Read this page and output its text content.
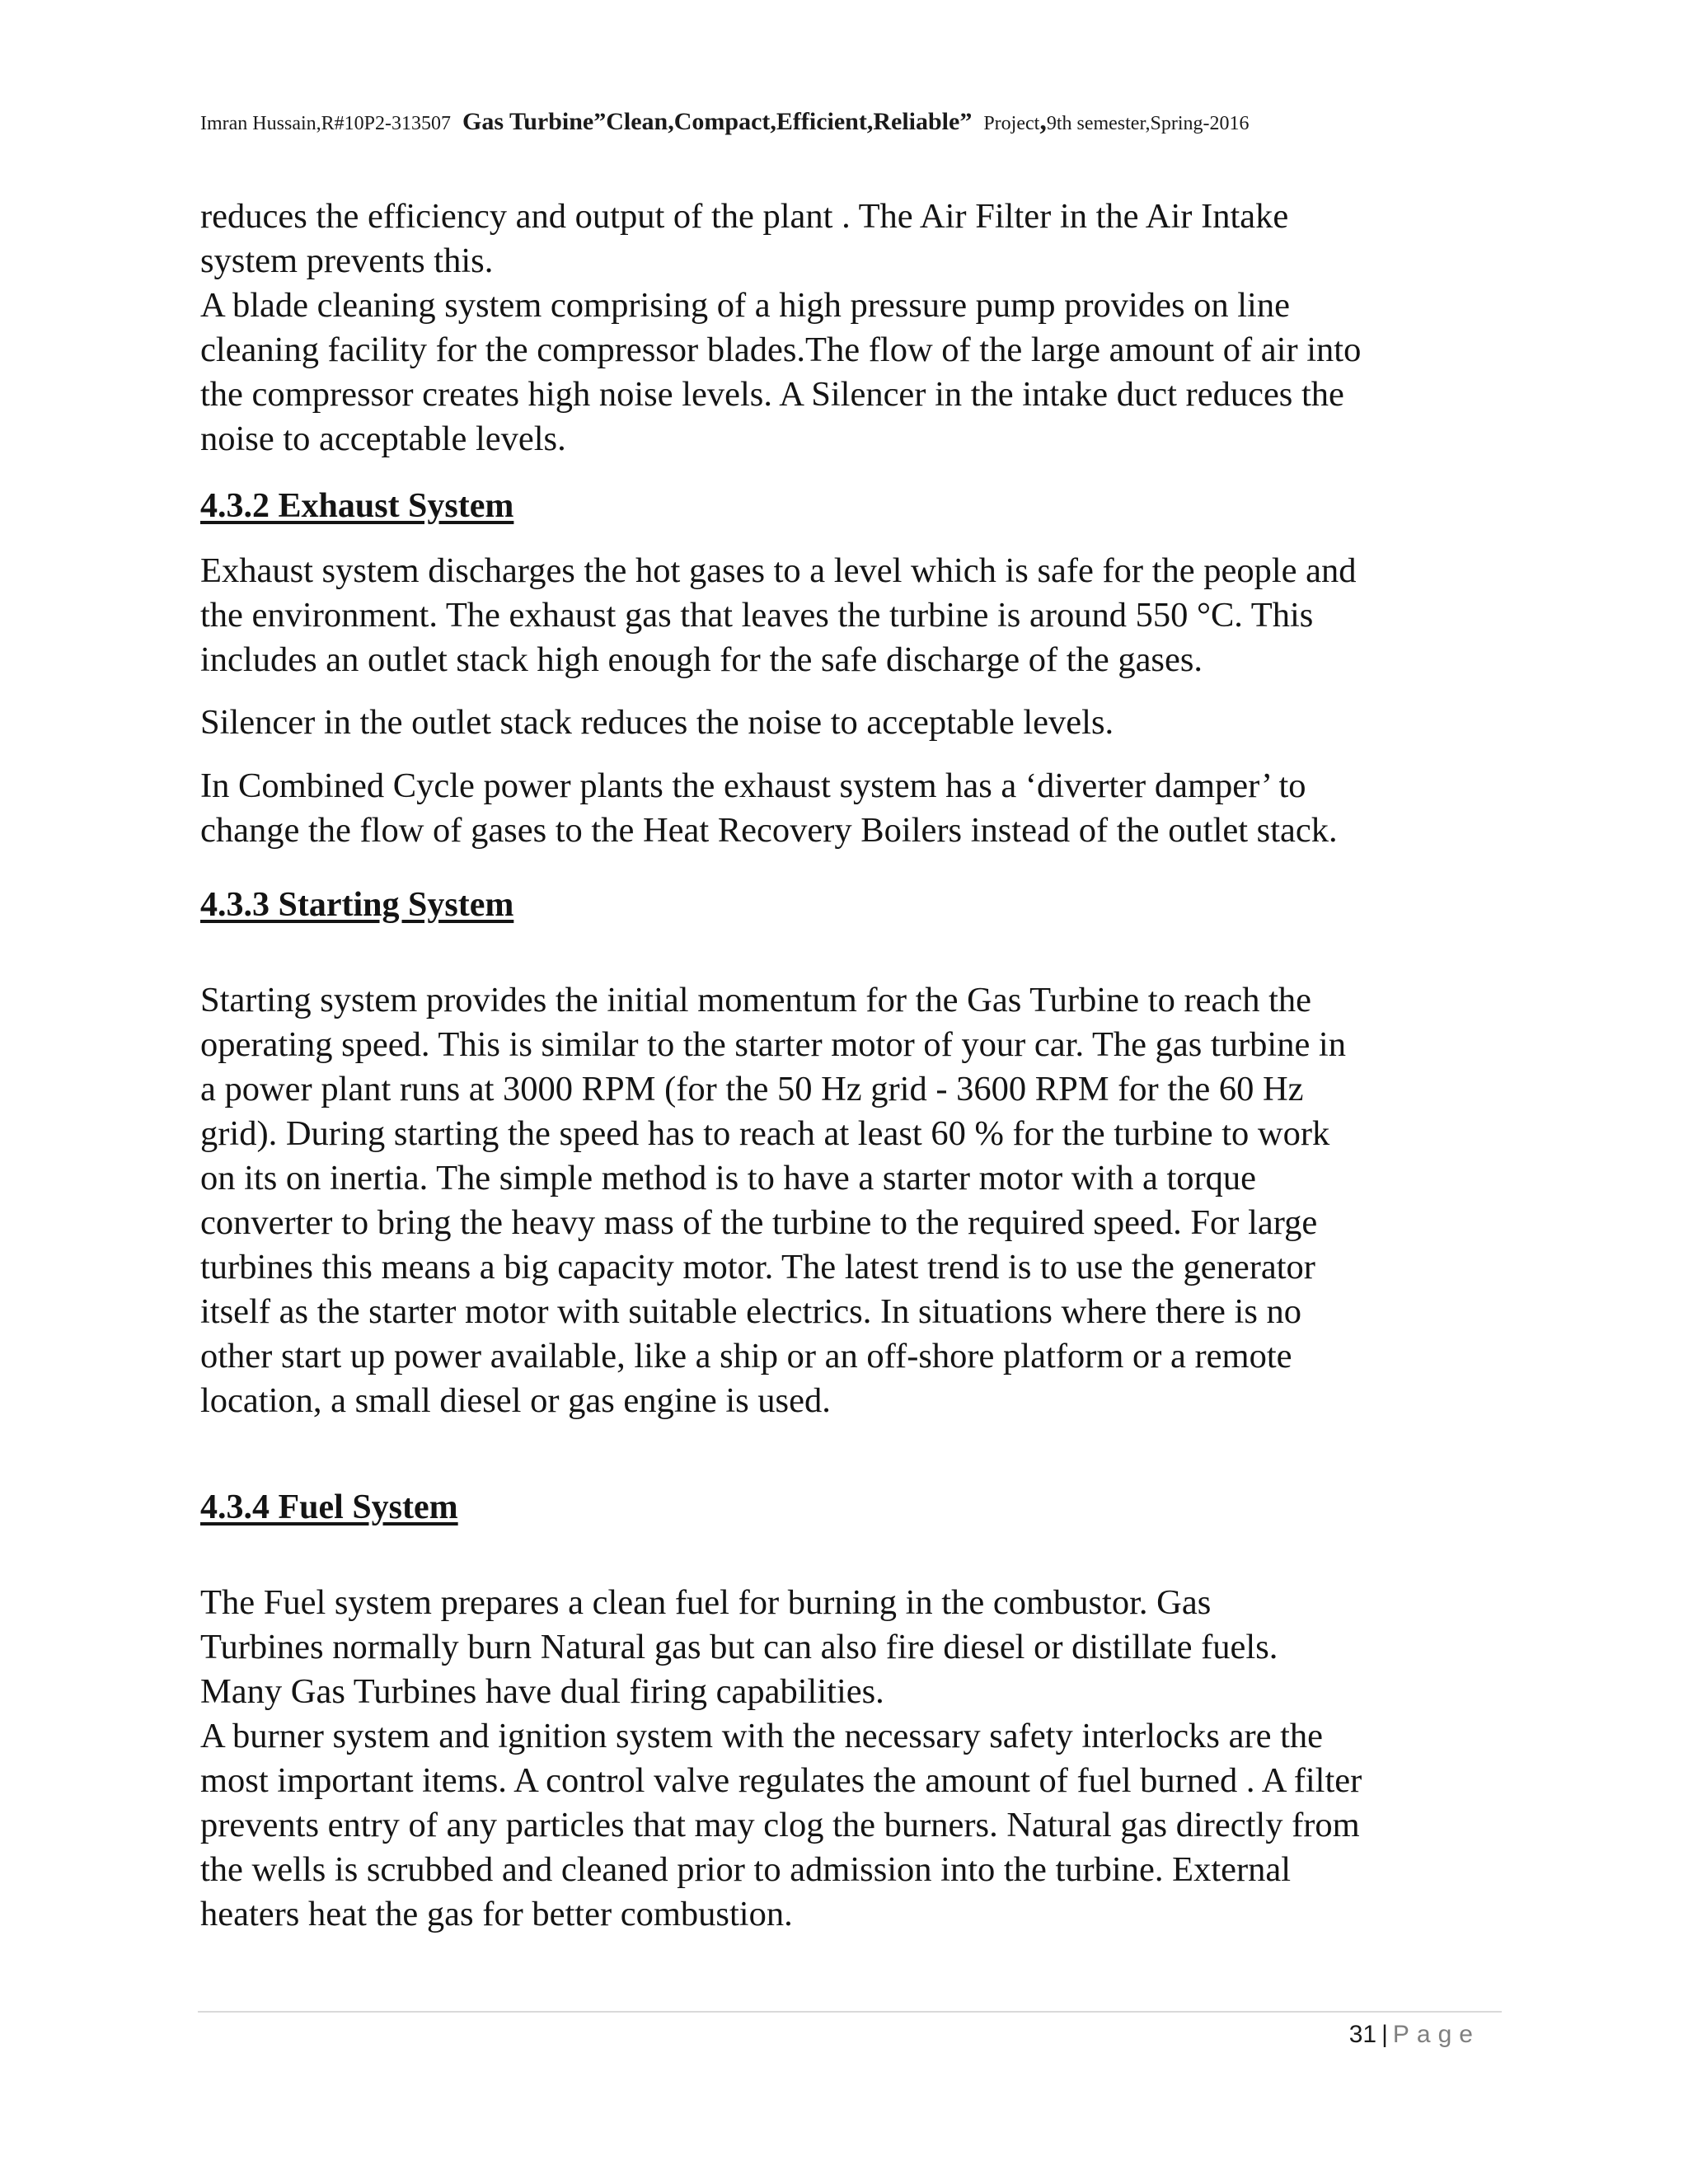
Imran Hussain,R#10P2-313507 Gas Turbine”Clean,Compact,Efficient,Reliable” Project,9th semester,Spring-2016

reduces the efficiency and output of the plant . The Air Filter in the Air Intake
system prevents this.
A blade cleaning system comprising of a high pressure pump provides on line
cleaning facility for the compressor blades.The flow of the large amount of air into
the compressor creates high noise levels. A Silencer in the intake duct reduces the
noise to acceptable levels.

4.3.2 Exhaust System

Exhaust system discharges the hot gases to a level which is safe for the people and
the environment. The exhaust gas that leaves the turbine is around 550 °C. This
includes an outlet stack high enough for the safe discharge of the gases.

Silencer in the outlet stack reduces the noise to acceptable levels.

In Combined Cycle power plants the exhaust system has a ‘diverter damper’ to
change the flow of gases to the Heat Recovery Boilers instead of the outlet stack.

4.3.3 Starting System

Starting system provides the initial momentum for the Gas Turbine to reach the
operating speed. This is similar to the starter motor of your car. The gas turbine in
a power plant runs at 3000 RPM (for the 50 Hz grid - 3600 RPM for the 60 Hz
grid). During starting the speed has to reach at least 60 % for the turbine to work
on its on inertia. The simple method is to have a starter motor with a torque
converter to bring the heavy mass of the turbine to the required speed. For large
turbines this means a big capacity motor. The latest trend is to use the generator
itself as the starter motor with suitable electrics. In situations where there is no
other start up power available, like a ship or an off-shore platform or a remote
location, a small diesel or gas engine is used.

4.3.4 Fuel System

The Fuel system prepares a clean fuel for burning in the combustor. Gas
Turbines normally burn Natural gas but can also fire diesel or distillate fuels.
Many Gas Turbines have dual firing capabilities.
A burner system and ignition system with the necessary safety interlocks are the
most important items. A control valve regulates the amount of fuel burned . A filter
prevents entry of any particles that may clog the burners. Natural gas directly from
the wells is scrubbed and cleaned prior to admission into the turbine. External
heaters heat the gas for better combustion.

31 | Page
